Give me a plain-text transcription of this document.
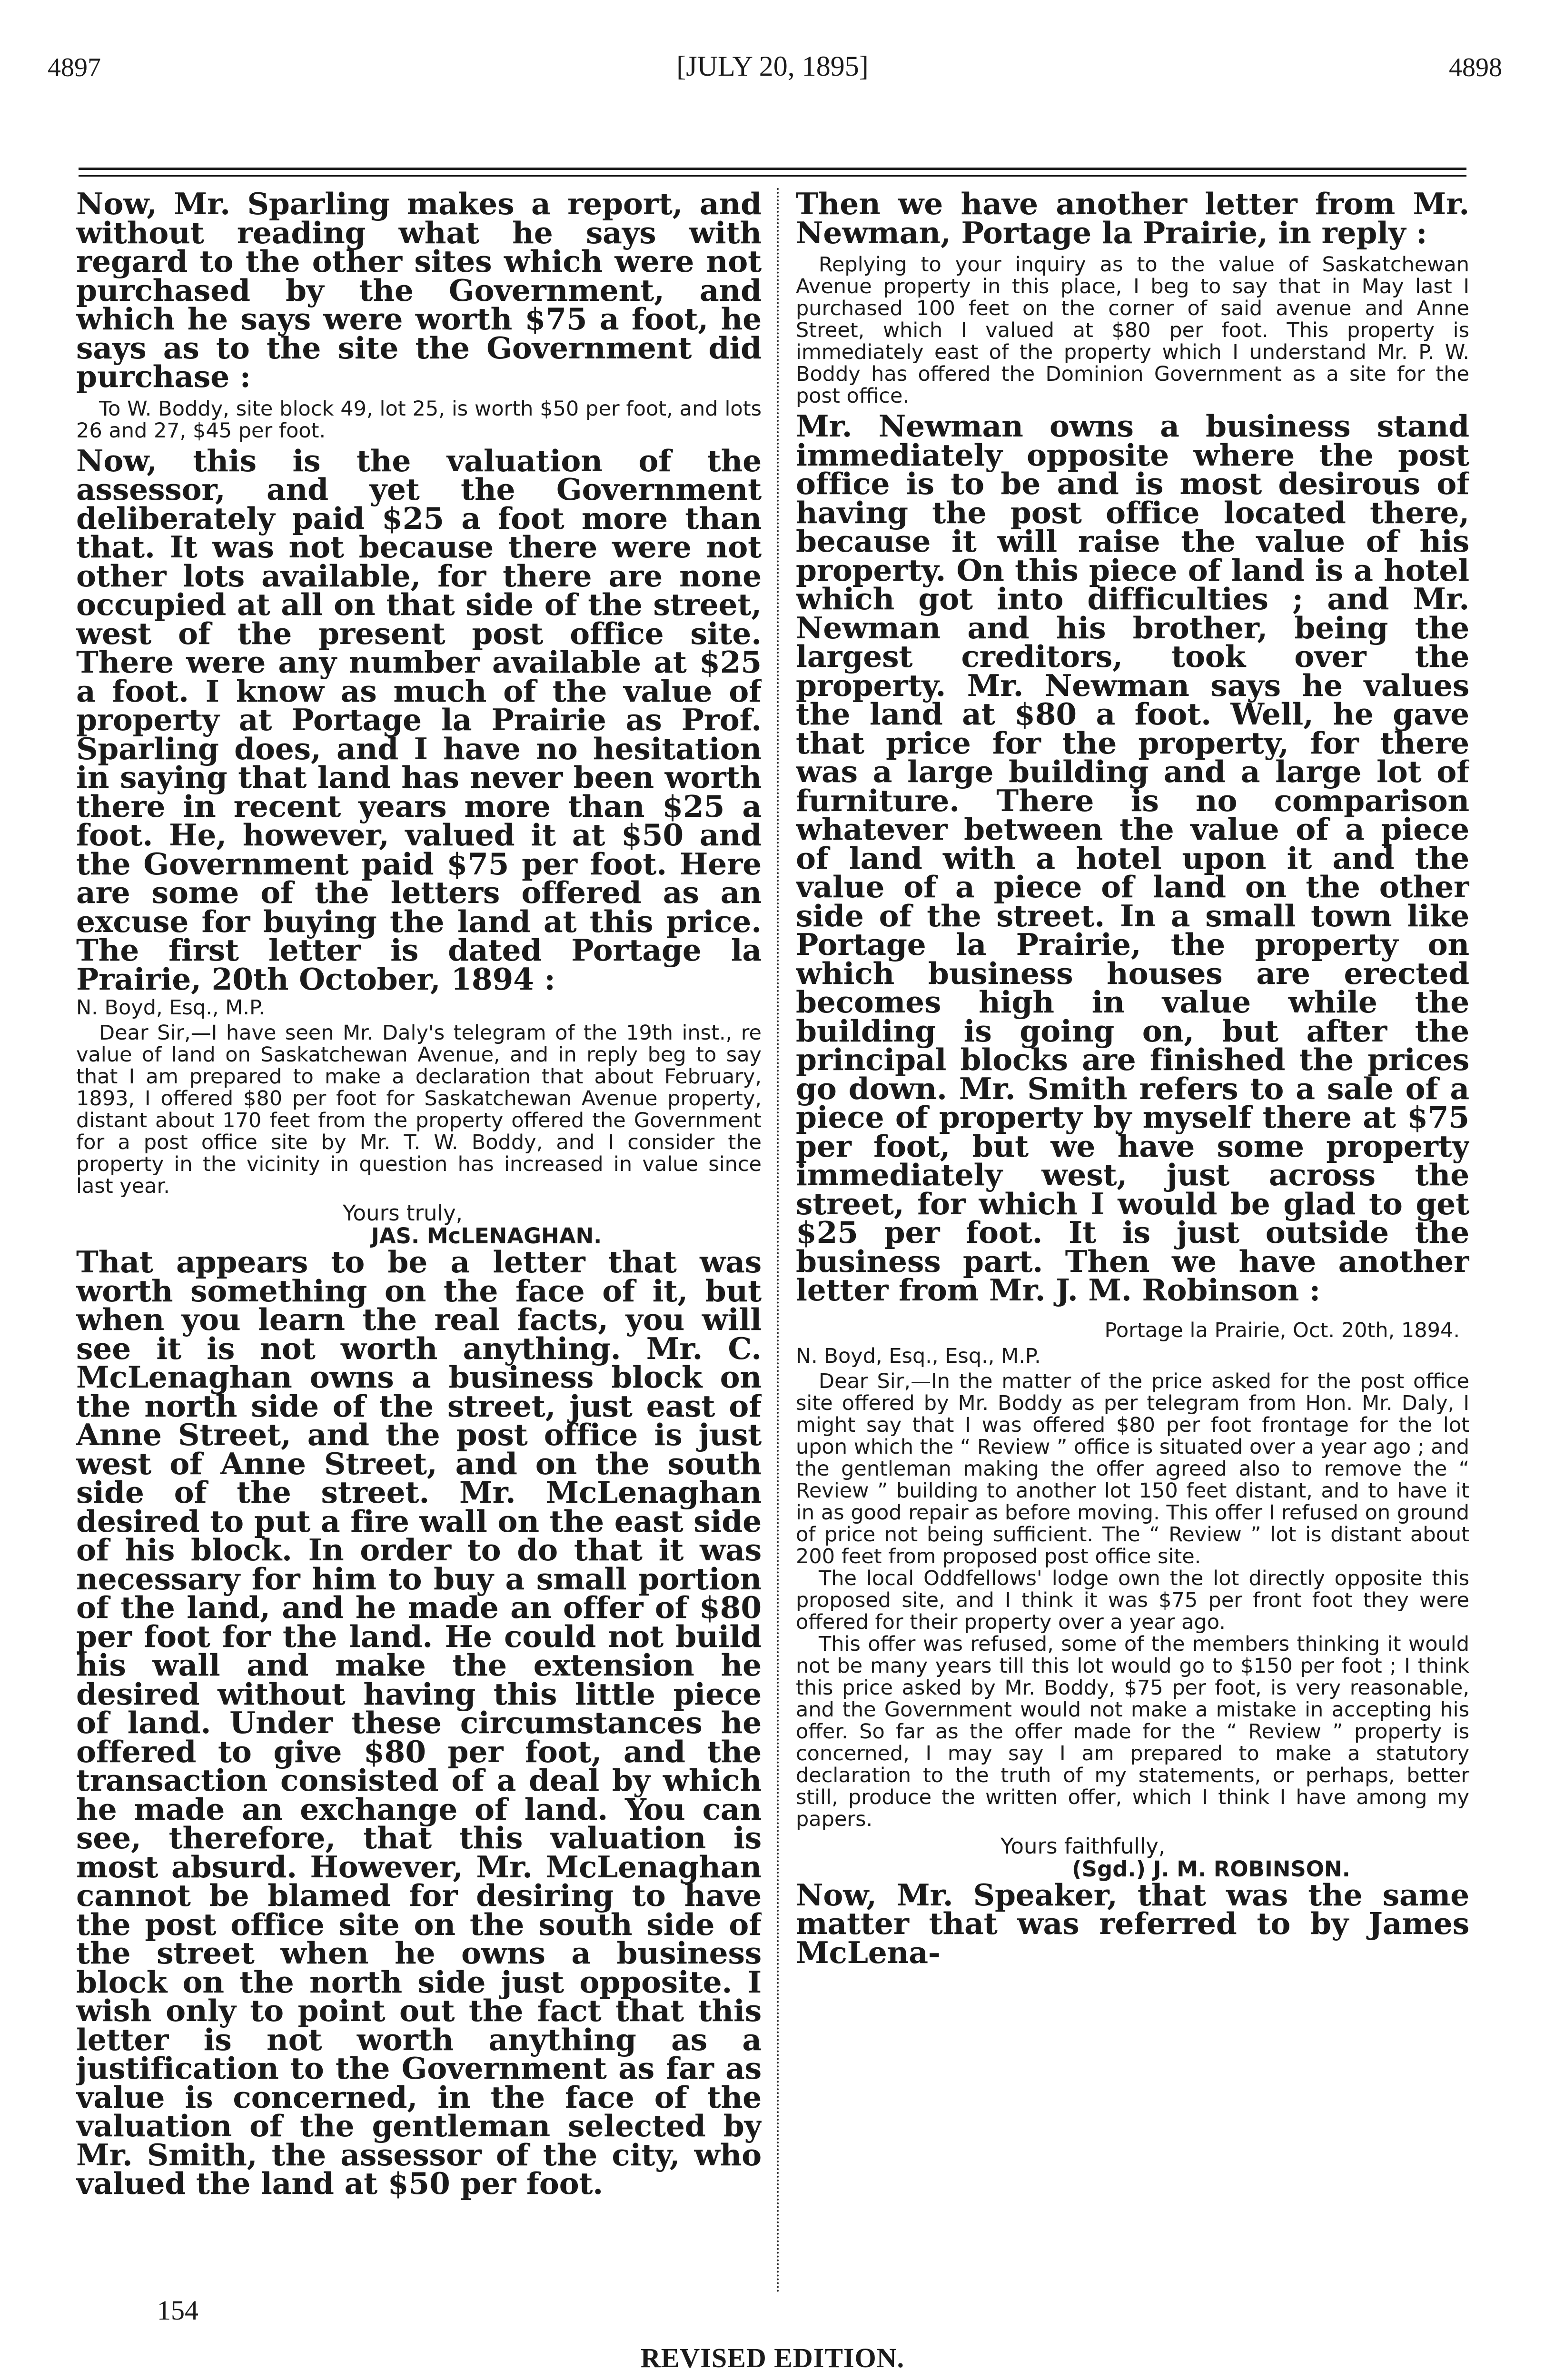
4897	[JULY 20, 1895]	4898

Now, Mr. Sparling makes a report, and without reading what he says with regard to the other sites which were not purchased by the Government, and which he says were worth $75 a foot, he says as to the site the Government did purchase :

To W. Boddy, site block 49, lot 25, is worth $50 per foot, and lots 26 and 27, $45 per foot.

Now, this is the valuation of the assessor, and yet the Government deliberately paid $25 a foot more than that. It was not because there were not other lots available, for there are none occupied at all on that side of the street, west of the present post office site. There were any number available at $25 a foot. I know as much of the value of property at Portage la Prairie as Prof. Sparling does, and I have no hesitation in saying that land has never been worth there in recent years more than $25 a foot. He, however, valued it at $50 and the Government paid $75 per foot. Here are some of the letters offered as an excuse for buying the land at this price. The first letter is dated Portage la Prairie, 20th October, 1894 :

N. Boyd, Esq., M.P.

Dear Sir,—I have seen Mr. Daly's telegram of the 19th inst., re value of land on Saskatchewan Avenue, and in reply beg to say that I am prepared to make a declaration that about February, 1893, I offered $80 per foot for Saskatchewan Avenue property, distant about 170 feet from the property offered the Government for a post office site by Mr. T. W. Boddy, and I consider the property in the vicinity in question has increased in value since last year.

Yours truly,

JAS. McLENAGHAN.

That appears to be a letter that was worth something on the face of it, but when you learn the real facts, you will see it is not worth anything. Mr. C. McLenaghan owns a business block on the north side of the street, just east of Anne Street, and the post office is just west of Anne Street, and on the south side of the street. Mr. McLenaghan desired to put a fire wall on the east side of his block. In order to do that it was necessary for him to buy a small portion of the land, and he made an offer of $80 per foot for the land. He could not build his wall and make the extension he desired without having this little piece of land. Under these circumstances he offered to give $80 per foot, and the transaction consisted of a deal by which he made an exchange of land. You can see, therefore, that this valuation is most absurd. However, Mr. McLenaghan cannot be blamed for desiring to have the post office site on the south side of the street when he owns a business block on the north side just opposite. I wish only to point out the fact that this letter is not worth anything as a justification to the Government as far as value is concerned, in the face of the valuation of the gentleman selected by Mr. Smith, the assessor of the city, who valued the land at $50 per foot.

Then we have another letter from Mr. Newman, Portage la Prairie, in reply :

Replying to your inquiry as to the value of Saskatchewan Avenue property in this place, I beg to say that in May last I purchased 100 feet on the corner of said avenue and Anne Street, which I valued at $80 per foot. This property is immediately east of the property which I understand Mr. P. W. Boddy has offered the Dominion Government as a site for the post office.

Mr. Newman owns a business stand immediately opposite where the post office is to be and is most desirous of having the post office located there, because it will raise the value of his property. On this piece of land is a hotel which got into difficulties ; and Mr. Newman and his brother, being the largest creditors, took over the property. Mr. Newman says he values the land at $80 a foot. Well, he gave that price for the property, for there was a large building and a large lot of furniture. There is no comparison whatever between the value of a piece of land with a hotel upon it and the value of a piece of land on the other side of the street. In a small town like Portage la Prairie, the property on which business houses are erected becomes high in value while the building is going on, but after the principal blocks are finished the prices go down. Mr. Smith refers to a sale of a piece of property by myself there at $75 per foot, but we have some property immediately west, just across the street, for which I would be glad to get $25 per foot. It is just outside the business part. Then we have another letter from Mr. J. M. Robinson :

Portage la Prairie, Oct. 20th, 1894.

N. Boyd, Esq., Esq., M.P.

Dear Sir,—In the matter of the price asked for the post office site offered by Mr. Boddy as per telegram from Hon. Mr. Daly, I might say that I was offered $80 per foot frontage for the lot upon which the “ Review ” office is situated over a year ago ; and the gentleman making the offer agreed also to remove the “ Review ” building to another lot 150 feet distant, and to have it in as good repair as before moving. This offer I refused on ground of price not being sufficient. The “ Review ” lot is distant about 200 feet from proposed post office site.

The local Oddfellows' lodge own the lot directly opposite this proposed site, and I think it was $75 per front foot they were offered for their property over a year ago.

This offer was refused, some of the members thinking it would not be many years till this lot would go to $150 per foot ; I think this price asked by Mr. Boddy, $75 per foot, is very reasonable, and the Government would not make a mistake in accepting his offer. So far as the offer made for the “ Review ” property is concerned, I may say I am prepared to make a statutory declaration to the truth of my statements, or perhaps, better still, produce the written offer, which I think I have among my papers.

Yours faithfully,

(Sgd.) J. M. ROBINSON.

Now, Mr. Speaker, that was the same matter that was referred to by James McLena-

154
REVISED EDITION.
